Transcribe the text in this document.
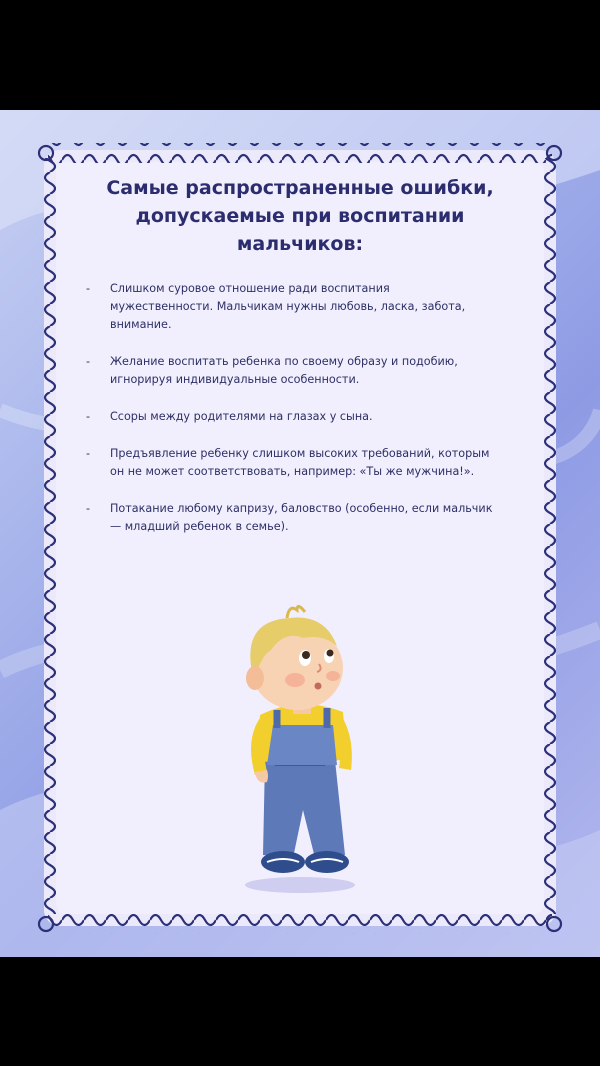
Самые распространенные ошибки,
допускаемые при воспитании
мальчиков:
- Слишком суровое отношение ради воспитания мужественности. Мальчикам нужны любовь, ласка, забота, внимание.
- Желание воспитать ребенка по своему образу и подобию, игнорируя индивидуальные особенности.
- Ссоры между родителями на глазах у сына.
- Предъявление ребенку слишком высоких требований, которым он не может соответствовать, например: «Ты же мужчина!».
- Потакание любому капризу, баловство (особенно, если мальчик — младший ребенок в семье).
